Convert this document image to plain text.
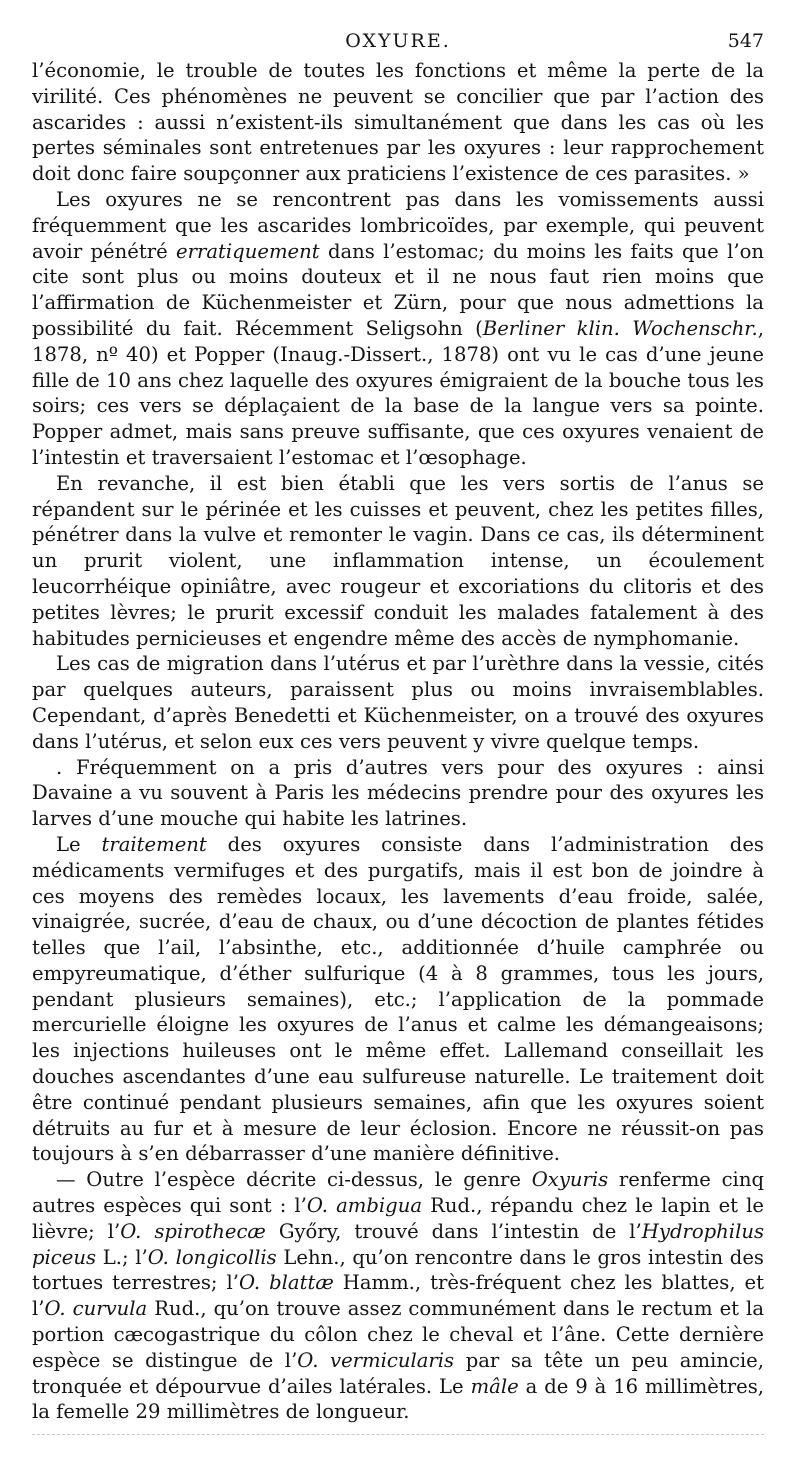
OXYURE.	547

l’économie, le trouble de toutes les fonctions et même la perte de la virilité. Ces phénomènes ne peuvent se concilier que par l’action des ascarides : aussi n’existent-ils simultanément que dans les cas où les pertes séminales sont entretenues par les oxyures : leur rapprochement doit donc faire soupçonner aux praticiens l’existence de ces parasites. »

Les oxyures ne se rencontrent pas dans les vomissements aussi fréquemment que les ascarides lombricoïdes, par exemple, qui peuvent avoir pénétré erratiquement dans l’estomac; du moins les faits que l’on cite sont plus ou moins douteux et il ne nous faut rien moins que l’affirmation de Küchenmeister et Zürn, pour que nous admettions la possibilité du fait. Récemment Seligsohn (Berliner klin. Wochenschr., 1878, nº 40) et Popper (Inaug.-Dissert., 1878) ont vu le cas d’une jeune fille de 10 ans chez laquelle des oxyures émigraient de la bouche tous les soirs; ces vers se déplaçaient de la base de la langue vers sa pointe. Popper admet, mais sans preuve suffisante, que ces oxyures venaient de l’intestin et traversaient l’estomac et l’œsophage.

En revanche, il est bien établi que les vers sortis de l’anus se répandent sur le périnée et les cuisses et peuvent, chez les petites filles, pénétrer dans la vulve et remonter le vagin. Dans ce cas, ils déterminent un prurit violent, une inflammation intense, un écoulement leucorrhéique opiniâtre, avec rougeur et excoriations du clitoris et des petites lèvres; le prurit excessif conduit les malades fatalement à des habitudes pernicieuses et engendre même des accès de nymphomanie.

Les cas de migration dans l’utérus et par l’urèthre dans la vessie, cités par quelques auteurs, paraissent plus ou moins invraisemblables. Cependant, d’après Benedetti et Küchenmeister, on a trouvé des oxyures dans l’utérus, et selon eux ces vers peuvent y vivre quelque temps.

. Fréquemment on a pris d’autres vers pour des oxyures : ainsi Davaine a vu souvent à Paris les médecins prendre pour des oxyures les larves d’une mouche qui habite les latrines.

Le traitement des oxyures consiste dans l’administration des médicaments vermifuges et des purgatifs, mais il est bon de joindre à ces moyens des remèdes locaux, les lavements d’eau froide, salée, vinaigrée, sucrée, d’eau de chaux, ou d’une décoction de plantes fétides telles que l’ail, l’absinthe, etc., additionnée d’huile camphrée ou empyreumatique, d’éther sulfurique (4 à 8 grammes, tous les jours, pendant plusieurs semaines), etc.; l’application de la pommade mercurielle éloigne les oxyures de l’anus et calme les démangeaisons; les injections huileuses ont le même effet. Lallemand conseillait les douches ascendantes d’une eau sulfureuse naturelle. Le traitement doit être continué pendant plusieurs semaines, afin que les oxyures soient détruits au fur et à mesure de leur éclosion. Encore ne réussit-on pas toujours à s’en débarrasser d’une manière définitive.

— Outre l’espèce décrite ci-dessus, le genre Oxyuris renferme cinq autres espèces qui sont : l’O. ambigua Rud., répandu chez le lapin et le lièvre; l’O. spirothecæ Győry, trouvé dans l’intestin de l’Hydrophilus piceus L.; l’O. longicollis Lehn., qu’on rencontre dans le gros intestin des tortues terrestres; l’O. blattæ Hamm., très-fréquent chez les blattes, et l’O. curvula Rud., qu’on trouve assez communément dans le rectum et la portion cæcogastrique du côlon chez le cheval et l’âne. Cette dernière espèce se distingue de l’O. vermicularis par sa tête un peu amincie, tronquée et dépourvue d’ailes latérales. Le mâle a de 9 à 16 millimètres, la femelle 29 millimètres de longueur.
